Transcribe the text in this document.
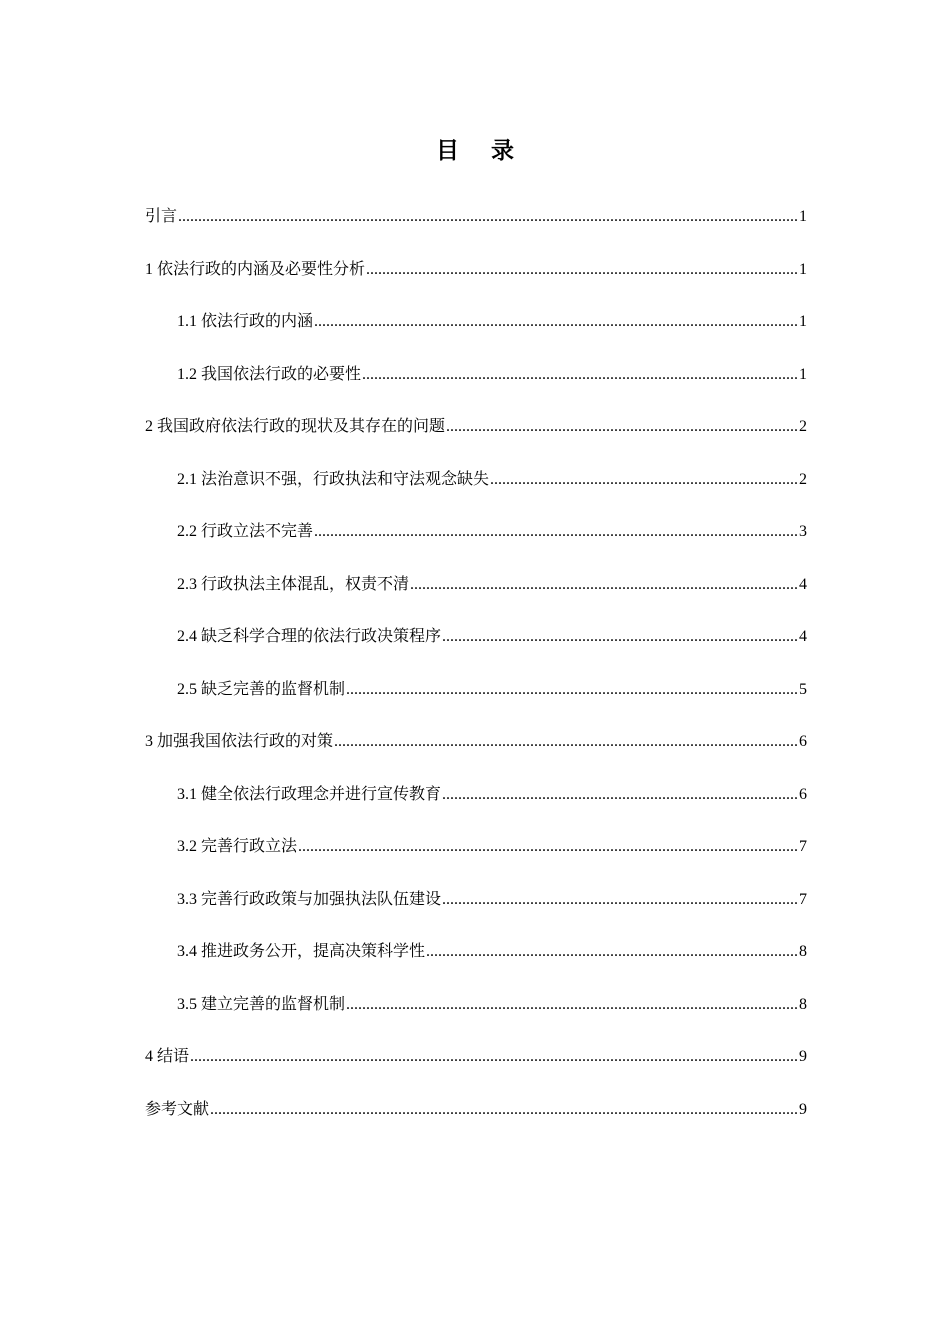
目 录
引言 .....	1
1 依法行政的内涵及必要性分析 .....	1
1.1 依法行政的内涵 .....	1
1.2 我国依法行政的必要性 .....	1
2 我国政府依法行政的现状及其存在的问题 .....	2
2.1 法治意识不强，行政执法和守法观念缺失 .....	2
2.2 行政立法不完善 .....	3
2.3 行政执法主体混乱，权责不清 .....	4
2.4 缺乏科学合理的依法行政决策程序 .....	4
2.5 缺乏完善的监督机制 .....	5
3 加强我国依法行政的对策 .....	6
3.1 健全依法行政理念并进行宣传教育 .....	6
3.2 完善行政立法 .....	7
3.3 完善行政政策与加强执法队伍建设 .....	7
3.4 推进政务公开，提高决策科学性 .....	8
3.5 建立完善的监督机制 .....	8
4 结语 .....	9
参考文献 .....	9
